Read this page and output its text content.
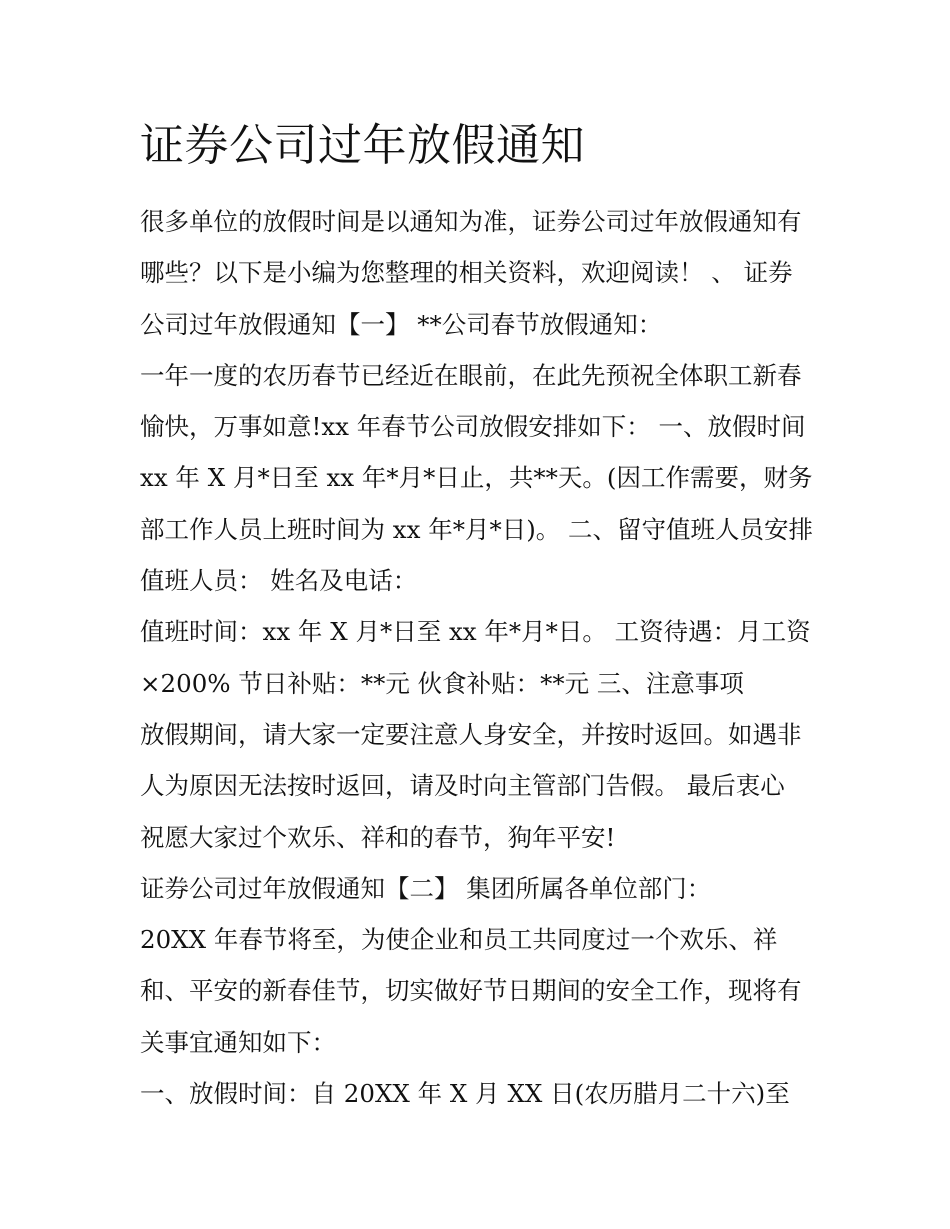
证券公司过年放假通知
很多单位的放假时间是以通知为准，证券公司过年放假通知有
哪些？以下是小编为您整理的相关资料，欢迎阅读！ 、 证券
公司过年放假通知【一】 **公司春节放假通知：
一年一度的农历春节已经近在眼前，在此先预祝全体职工新春
愉快，万事如意!xx 年春节公司放假安排如下： 一、放假时间
xx 年 X 月*日至 xx 年*月*日止，共**天。(因工作需要，财务
部工作人员上班时间为 xx 年*月*日)。 二、留守值班人员安排
值班人员： 姓名及电话：
值班时间：xx 年 X 月*日至 xx 年*月*日。 工资待遇：月工资
×200% 节日补贴：**元 伙食补贴：**元 三、注意事项
放假期间，请大家一定要注意人身安全，并按时返回。如遇非
人为原因无法按时返回，请及时向主管部门告假。 最后衷心
祝愿大家过个欢乐、祥和的春节，狗年平安!
证券公司过年放假通知【二】 集团所属各单位部门：
20XX 年春节将至，为使企业和员工共同度过一个欢乐、祥
和、平安的新春佳节，切实做好节日期间的安全工作，现将有
关事宜通知如下：
一、放假时间：自 20XX 年 X 月 XX 日(农历腊月二十六)至
